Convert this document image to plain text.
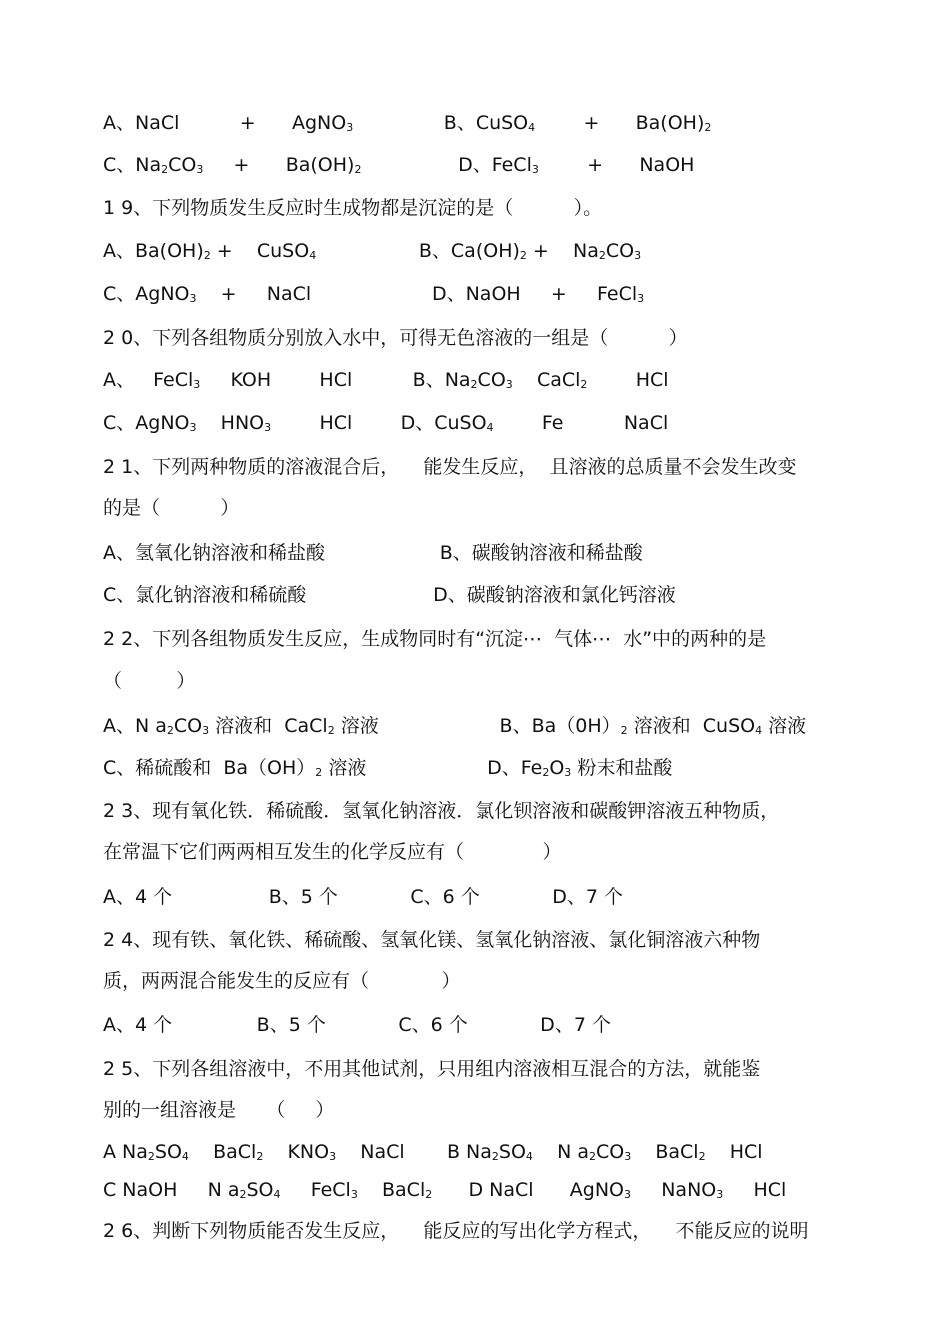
A、NaCl          +      AgNO$_3$               B、CuSO$_4$        +      $Ba(OH)_2$
C、$Na_2CO_3$     +      $Ba(OH)_2$                D、FeCl$_3$        +      NaOH
1 9、下列物质发生反应时生成物都是沉淀的是（          ）。
A、$Ba(OH)_2$ +    CuSO$_4$                 B、$Ca(OH)_2$ +    $Na_2CO_3$
C、AgNO$_3$    +     NaCl                    D、NaOH     +     FeCl$_3$
2 0、下列各组物质分别放入水中，可得无色溶液的一组是（          ）
A、   FeCl$_3$     KOH        HCl          B、$Na_2CO_3$    CaCl$_2$        HCl
C、AgNO$_3$    $HNO_3$        HCl        D、CuSO$_4$        Fe          NaCl
2 1、下列两种物质的溶液混合后，    能发生反应，  且溶液的总质量不会发生改变
的是（          ）
A、氢氧化钠溶液和稀盐酸                   B、碳酸钠溶液和稀盐酸
C、氯化钠溶液和稀硫酸                     D、碳酸钠溶液和氯化钙溶液
2 2、下列各组物质发生反应，生成物同时有“沉淀⋯  气体⋯  水”中的两种的是
（         ）
A、N $a_2CO_3$ 溶液和  CaCl$_2$ 溶液                    B、$Ba(0H)_2$ 溶液和  CuSO$_4$ 溶液
C、稀硫酸和  $Ba(OH)_2$ 溶液                    D、$Fe_2O_3$ 粉末和盐酸
2 3、现有氧化铁．稀硫酸．氢氧化钠溶液．氯化钡溶液和碳酸钾溶液五种物质，
在常温下它们两两相互发生的化学反应有（             ）
A、4 个                B、5 个            C、6 个            D、7 个
2 4、现有铁、氧化铁、稀硫酸、氢氧化镁、氢氧化钠溶液、氯化铜溶液六种物
质，两两混合能发生的反应有（            ）
A、4 个              B、5 个            C、6 个            D、7 个
2 5、下列各组溶液中，不用其他试剂，只用组内溶液相互混合的方法，就能鉴
别的一组溶液是     （     ）
A $Na_2SO_4$    BaCl$_2$    $KNO_3$    NaCl       B $Na_2SO_4$    N $a_2CO_3$    BaCl$_2$    HCl
C NaOH     N $a_2SO_4$     FeCl$_3$    BaCl$_2$      D NaCl      AgNO$_3$     NaNO$_3$     HCl
2 6、判断下列物质能否发生反应，    能反应的写出化学方程式，    不能反应的说明
